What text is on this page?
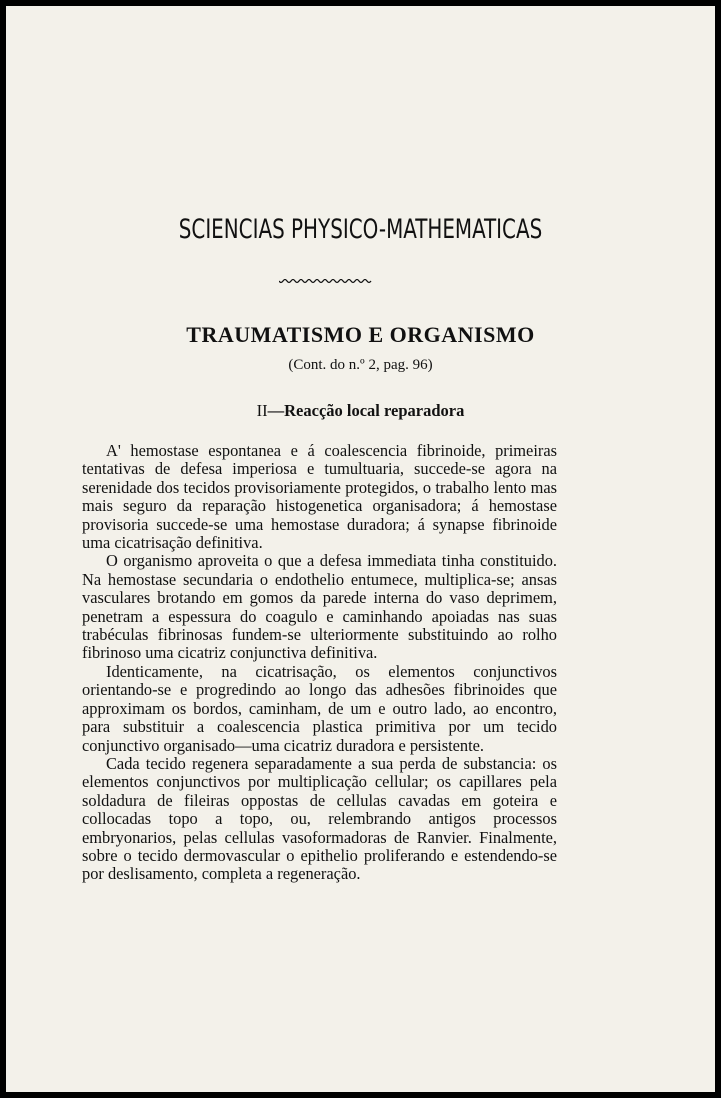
SCIENCIAS PHYSICO-MATHEMATICAS
TRAUMATISMO E ORGANISMO
(Cont. do n.º 2, pag. 96)
II—Reacção local reparadora

A' hemostase espontanea e á coalescencia fibrinoide, primeiras tentativas de defesa imperiosa e tumultuaria, succede-se agora na serenidade dos tecidos provisoriamente protegidos, o trabalho lento mas mais seguro da reparação histogenetica organisadora; á hemostase provisoria succede-se uma hemostase duradora; á synapse fibrinoide uma cicatrisação definitiva.

O organismo aproveita o que a defesa immediata tinha constituido. Na hemostase secundaria o endothelio entumece, multiplica-se; ansas vasculares brotando em gomos da parede interna do vaso deprimem, penetram a espessura do coagulo e caminhando apoiadas nas suas trabéculas fibrinosas fundem-se ulteriormente substituindo ao rolho fibrinoso uma cicatriz conjunctiva definitiva.

Identicamente, na cicatrisação, os elementos conjunctivos orientando-se e progredindo ao longo das adhesões fibrinoides que approximam os bordos, caminham, de um e outro lado, ao encontro, para substituir a coalescencia plastica primitiva por um tecido conjunctivo organisado—uma cicatriz duradora e persistente.

Cada tecido regenera separadamente a sua perda de substancia: os elementos conjunctivos por multiplicação cellular; os capillares pela soldadura de fileiras oppostas de cellulas cavadas em goteira e collocadas topo a topo, ou, relembrando antigos processos embryonarios, pelas cellulas vasoformadoras de Ranvier. Finalmente, sobre o tecido dermovascular o epithelio proliferando e estendendo-se por deslisamento, completa a regeneração.
